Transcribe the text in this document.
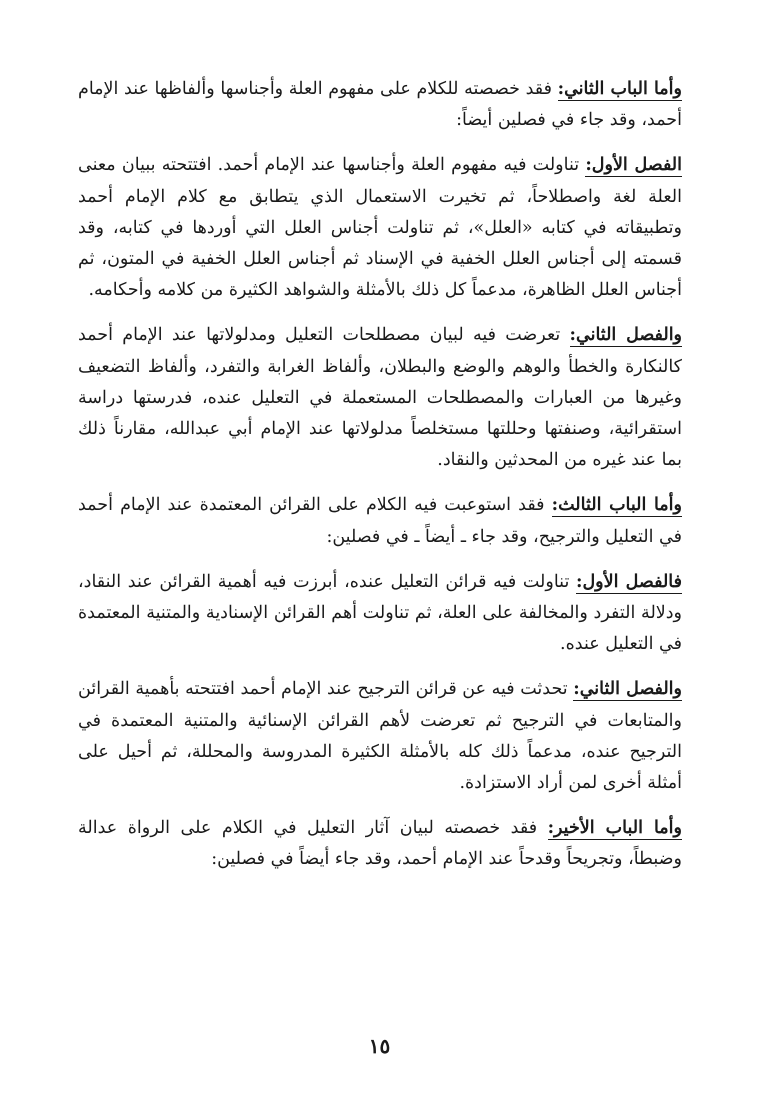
وأما الباب الثاني: فقد خصصته للكلام على مفهوم العلة وأجناسها وألفاظها عند الإمام أحمد، وقد جاء في فصلين أيضاً:

الفصل الأول: تناولت فيه مفهوم العلة وأجناسها عند الإمام أحمد. افتتحته ببيان معنى العلة لغة واصطلاحاً، ثم تخيرت الاستعمال الذي يتطابق مع كلام الإمام أحمد وتطبيقاته في كتابه «العلل»، ثم تناولت أجناس العلل التي أوردها في كتابه، وقد قسمته إلى أجناس العلل الخفية في الإسناد ثم أجناس العلل الخفية في المتون، ثم أجناس العلل الظاهرة، مدعماً كل ذلك بالأمثلة والشواهد الكثيرة من كلامه وأحكامه.

والفصل الثاني: تعرضت فيه لبيان مصطلحات التعليل ومدلولاتها عند الإمام أحمد كالنكارة والخطأ والوهم والوضع والبطلان، وألفاظ الغرابة والتفرد، وألفاظ التضعيف وغيرها من العبارات والمصطلحات المستعملة في التعليل عنده، فدرستها دراسة استقرائية، وصنفتها وحللتها مستخلصاً مدلولاتها عند الإمام أبي عبدالله، مقارناً ذلك بما عند غيره من المحدثين والنقاد.

وأما الباب الثالث: فقد استوعبت فيه الكلام على القرائن المعتمدة عند الإمام أحمد في التعليل والترجيح، وقد جاء ـ أيضاً ـ في فصلين:

فالفصل الأول: تناولت فيه قرائن التعليل عنده، أبرزت فيه أهمية القرائن عند النقاد، ودلالة التفرد والمخالفة على العلة، ثم تناولت أهم القرائن الإسنادية والمتنية المعتمدة في التعليل عنده.

والفصل الثاني: تحدثت فيه عن قرائن الترجيح عند الإمام أحمد افتتحته بأهمية القرائن والمتابعات في الترجيح ثم تعرضت لأهم القرائن الإسنائية والمتنية المعتمدة في الترجيح عنده، مدعماً ذلك كله بالأمثلة الكثيرة المدروسة والمحللة، ثم أحيل على أمثلة أخرى لمن أراد الاستزادة.

وأما الباب الأخير: فقد خصصته لبيان آثار التعليل في الكلام على الرواة عدالة وضبطاً، وتجريحاً وقدحاً عند الإمام أحمد، وقد جاء أيضاً في فصلين:

١٥
